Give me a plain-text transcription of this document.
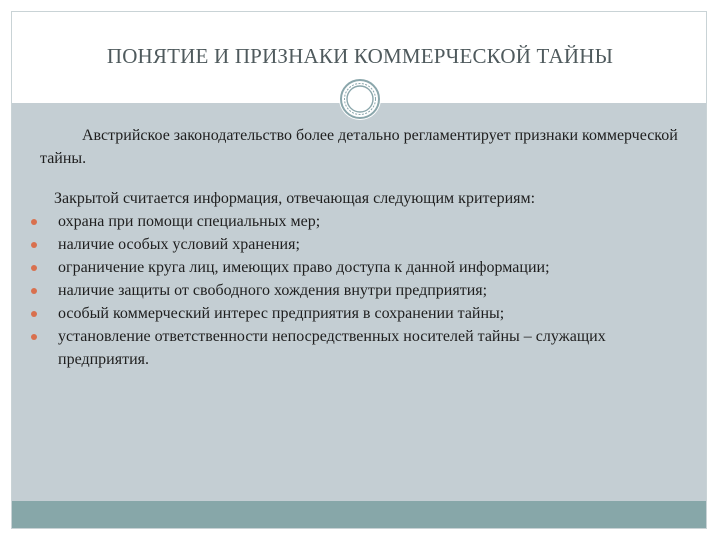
ПОНЯТИЕ И ПРИЗНАКИ КОММЕРЧЕСКОЙ ТАЙНЫ

Австрийское законодательство более детально регламентирует признаки коммерческой тайны.

Закрытой считается информация, отвечающая следующим критериям:

охрана при помощи специальных мер;
наличие особых условий хранения;
ограничение круга лиц, имеющих право доступа к данной информации;
наличие защиты от свободного хождения внутри предприятия;
особый коммерческий интерес предприятия в сохранении тайны;
установление ответственности непосредственных носителей тайны – служащих предприятия.
